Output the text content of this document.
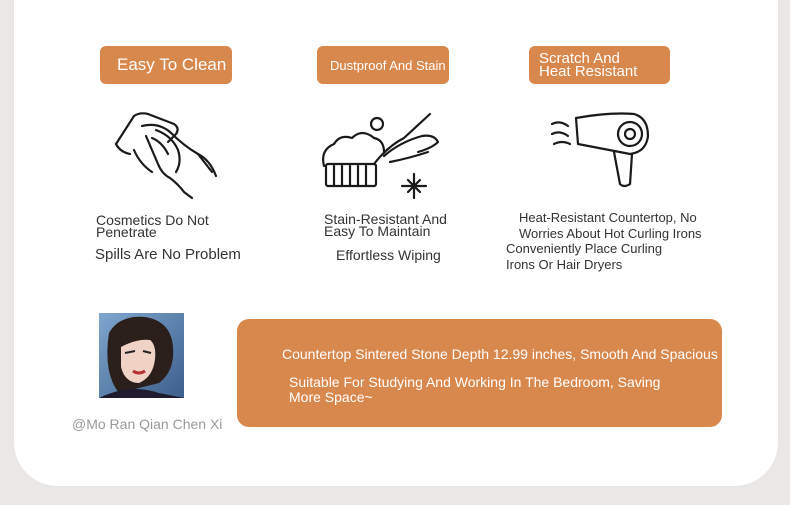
Easy To Clean
Cosmetics Do Not
Penetrate
Spills Are No Problem
Dustproof And Stain Resistant
Stain-Resistant And
Easy To Maintain
Effortless Wiping
Scratch And
Heat Resistant
Heat-Resistant Countertop, No
Worries About Hot Curling Irons
Conveniently Place Curling
Irons Or Hair Dryers
@Mo Ran Qian Chen Xi
Countertop Sintered Stone Depth 12.99 inches, Smooth And Spacious
Suitable For Studying And Working In The Bedroom, Saving More Space~
